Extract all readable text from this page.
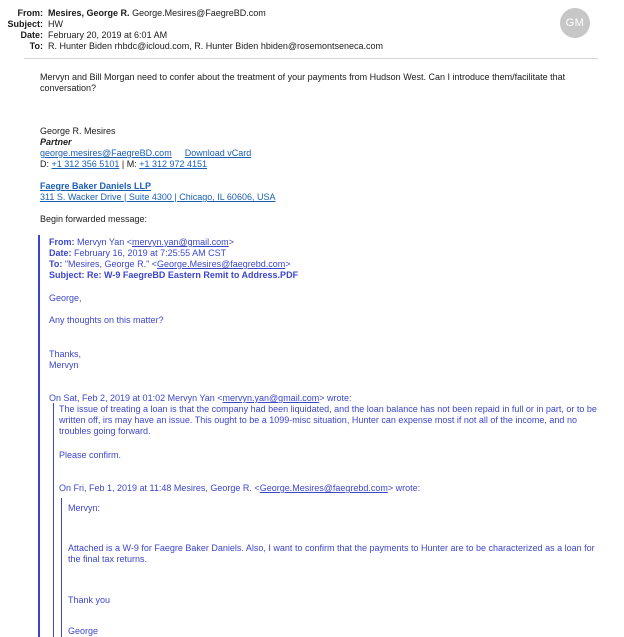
From: Mesires, George R. George.Mesires@FaegreBD.com
Subject: HW
Date: February 20, 2019 at 6:01 AM
To: R. Hunter Biden rhbdc@icloud.com, R. Hunter Biden hbiden@rosemontseneca.com
GM
Mervyn and Bill Morgan need to confer about the treatment of your payments from Hudson West. Can I introduce them/facilitate that conversation?
George R. Mesires
Partner
george.mesires@FaegreBD.com Download vCard
D: +1 312 356 5101 | M: +1 312 972 4151
Faegre Baker Daniels LLP
311 S. Wacker Drive | Suite 4300 | Chicago, IL 60606, USA
Begin forwarded message:
From: Mervyn Yan <mervyn.yan@gmail.com>
Date: February 16, 2019 at 7:25:55 AM CST
To: "Mesires, George R." <George.Mesires@faegrebd.com>
Subject: Re: W-9 FaegreBD Eastern Remit to Address.PDF
George,
Any thoughts on this matter?
Thanks,
Mervyn
On Sat, Feb 2, 2019 at 01:02 Mervyn Yan <mervyn.yan@gmail.com> wrote:
The issue of treating a loan is that the company had been liquidated, and the loan balance has not been repaid in full or in part, or to be written off, irs may have an issue. This ought to be a 1099-misc situation, Hunter can expense most if not all of the income, and no troubles going forward.
Please confirm.
On Fri, Feb 1, 2019 at 11:48 Mesires, George R. <George.Mesires@faegrebd.com> wrote:
Mervyn:
Attached is a W-9 for Faegre Baker Daniels. Also, I want to confirm that the payments to Hunter are to be characterized as a loan for the final tax returns.
Thank you
George
